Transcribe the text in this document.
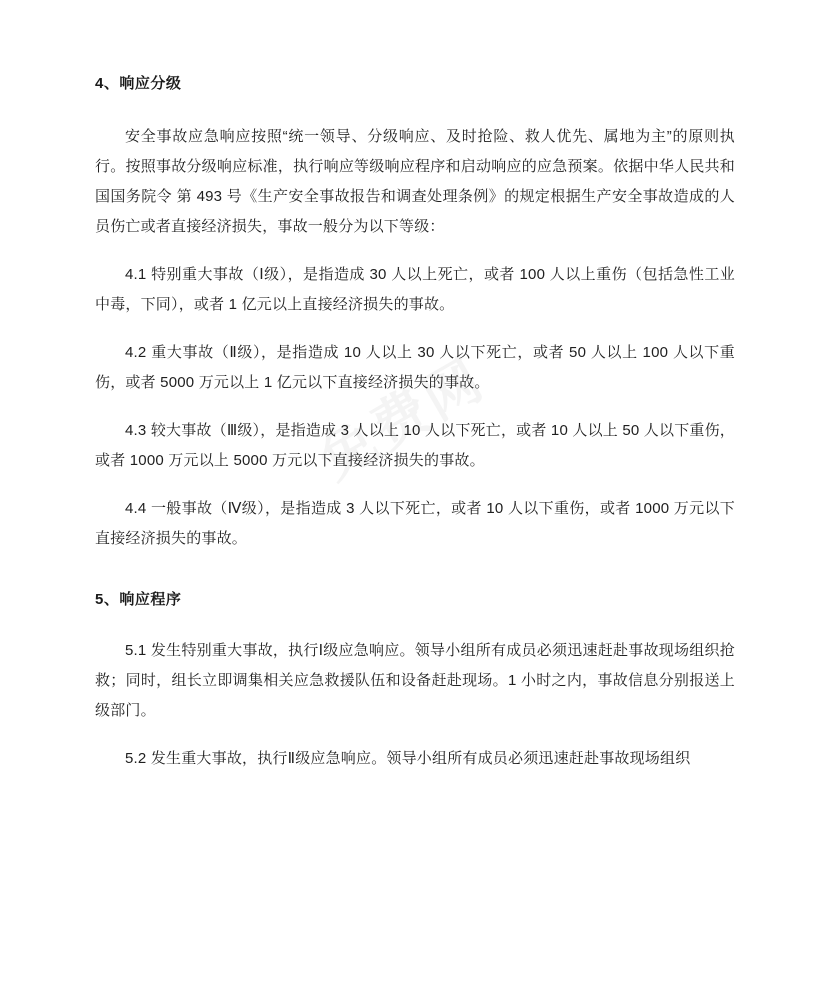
4、响应分级

安全事故应急响应按照“统一领导、分级响应、及时抢险、救人优先、属地为主”的原则执行。按照事故分级响应标准，执行响应等级响应程序和启动响应的应急预案。依据中华人民共和国国务院令 第 493 号《生产安全事故报告和调查处理条例》的规定根据生产安全事故造成的人员伤亡或者直接经济损失，事故一般分为以下等级：

4.1 特别重大事故（Ⅰ级），是指造成 30 人以上死亡，或者 100 人以上重伤（包括急性工业中毒，下同），或者 1 亿元以上直接经济损失的事故。

4.2 重大事故（Ⅱ级），是指造成 10 人以上 30 人以下死亡，或者 50 人以上 100 人以下重伤，或者 5000 万元以上 1 亿元以下直接经济损失的事故。

4.3 较大事故（Ⅲ级），是指造成 3 人以上 10 人以下死亡，或者 10 人以上 50 人以下重伤，或者 1000 万元以上 5000 万元以下直接经济损失的事故。

4.4 一般事故（Ⅳ级），是指造成 3 人以下死亡，或者 10 人以下重伤，或者 1000 万元以下直接经济损失的事故。

5、响应程序

5.1 发生特别重大事故，执行Ⅰ级应急响应。领导小组所有成员必须迅速赶赴事故现场组织抢救；同时，组长立即调集相关应急救援队伍和设备赶赴现场。1 小时之内，事故信息分别报送上级部门。

5.2 发生重大事故，执行Ⅱ级应急响应。领导小组所有成员必须迅速赶赴事故现场组织
